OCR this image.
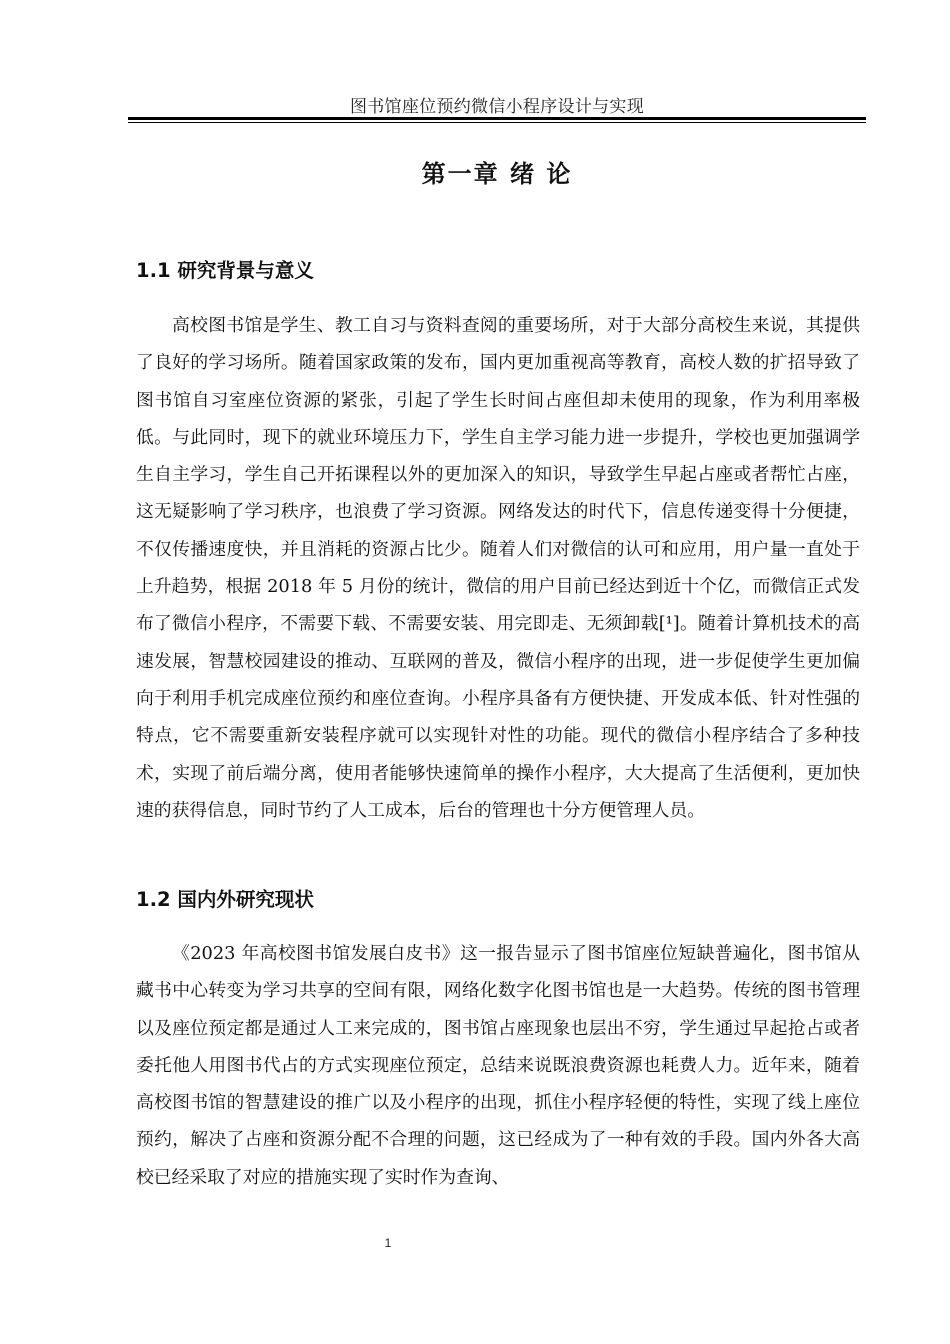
图书馆座位预约微信小程序设计与实现
第一章 绪 论
1.1 研究背景与意义

高校图书馆是学生、教工自习与资料查阅的重要场所，对于大部分高校生来说，其提供了良好的学习场所。随着国家政策的发布，国内更加重视高等教育，高校人数的扩招导致了图书馆自习室座位资源的紧张，引起了学生长时间占座但却未使用的现象，作为利用率极低。与此同时，现下的就业环境压力下，学生自主学习能力进一步提升，学校也更加强调学生自主学习，学生自己开拓课程以外的更加深入的知识，导致学生早起占座或者帮忙占座，这无疑影响了学习秩序，也浪费了学习资源。网络发达的时代下，信息传递变得十分便捷，不仅传播速度快，并且消耗的资源占比少。随着人们对微信的认可和应用，用户量一直处于上升趋势，根据 2018 年 5 月份的统计，微信的用户目前已经达到近十个亿，而微信正式发布了微信小程序，不需要下载、不需要安装、用完即走、无须卸载[¹]。随着计算机技术的高速发展，智慧校园建设的推动、互联网的普及，微信小程序的出现，进一步促使学生更加偏向于利用手机完成座位预约和座位查询。小程序具备有方便快捷、开发成本低、针对性强的特点，它不需要重新安装程序就可以实现针对性的功能。现代的微信小程序结合了多种技术，实现了前后端分离，使用者能够快速简单的操作小程序，大大提高了生活便利，更加快速的获得信息，同时节约了人工成本，后台的管理也十分方便管理人员。

1.2 国内外研究现状

《2023 年高校图书馆发展白皮书》这一报告显示了图书馆座位短缺普遍化，图书馆从藏书中心转变为学习共享的空间有限，网络化数字化图书馆也是一大趋势。传统的图书管理以及座位预定都是通过人工来完成的，图书馆占座现象也层出不穷，学生通过早起抢占或者委托他人用图书代占的方式实现座位预定，总结来说既浪费资源也耗费人力。近年来，随着高校图书馆的智慧建设的推广以及小程序的出现，抓住小程序轻便的特性，实现了线上座位预约，解决了占座和资源分配不合理的问题，这已经成为了一种有效的手段。国内外各大高校已经采取了对应的措施实现了实时作为查询、

1
